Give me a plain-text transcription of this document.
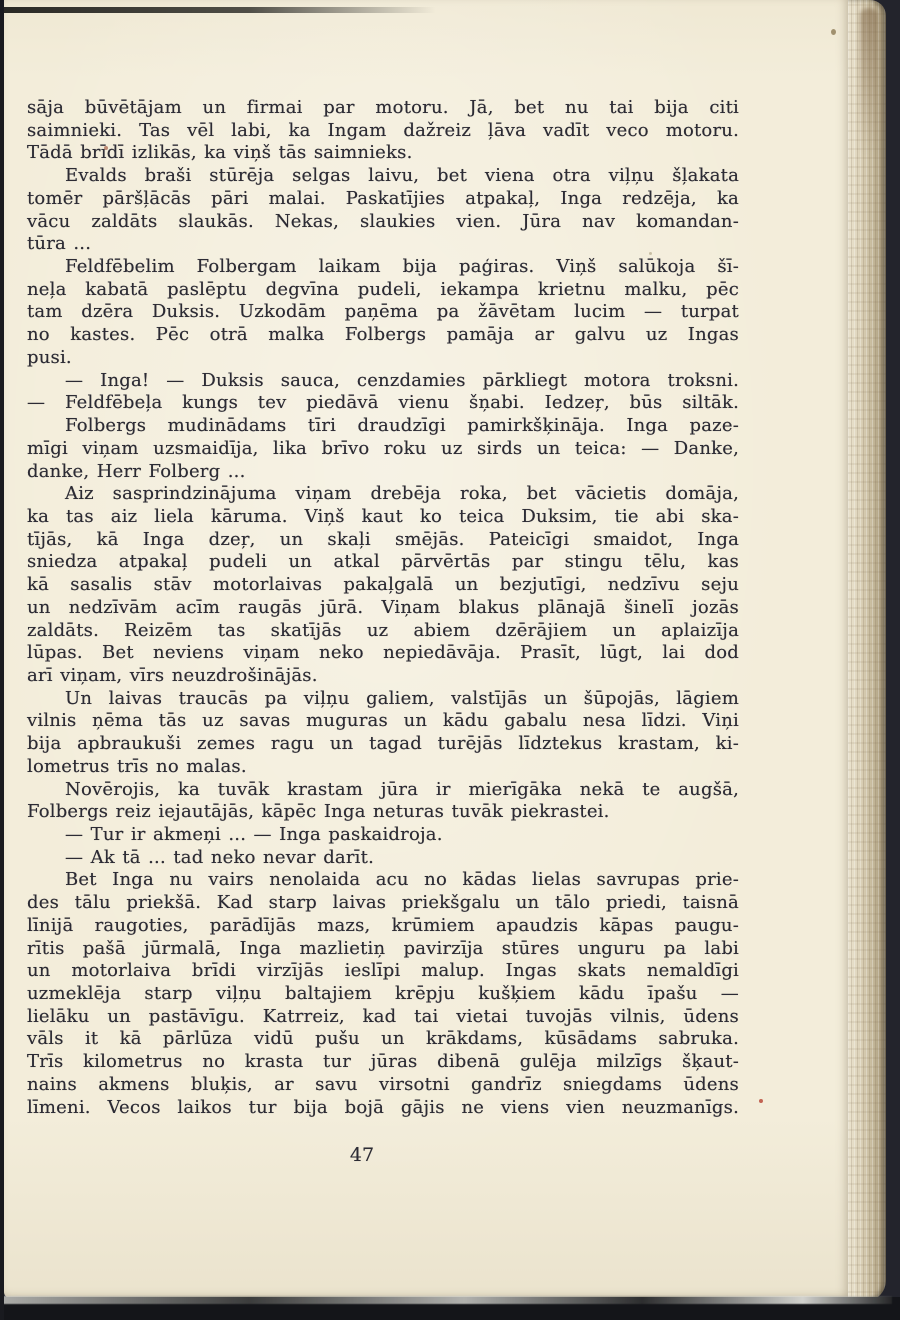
sāja būvētājam un firmai par motoru. Jā, bet nu tai bija citi
saimnieki. Tas vēl labi, ka Ingam dažreiz ļāva vadīt veco motoru.
Tādā brīdī izlikās, ka viņš tās saimnieks.
Evalds braši stūrēja selgas laivu, bet viena otra viļņu šļakata
tomēr pāršļācās pāri malai. Paskatījies atpakaļ, Inga redzēja, ka
vācu zaldāts slaukās. Nekas, slaukies vien. Jūra nav komandan-
tūra ...
Feldfēbelim Folbergam laikam bija paģiras. Viņš salūkoja šī-
neļa kabatā paslēptu degvīna pudeli, iekampa krietnu malku, pēc
tam dzēra Duksis. Uzkodām paņēma pa žāvētam lucim — turpat
no kastes. Pēc otrā malka Folbergs pamāja ar galvu uz Ingas
pusi.
— Inga! — Duksis sauca, cenzdamies pārkliegt motora troksni.
— Feldfēbeļa kungs tev piedāvā vienu šņabi. Iedzeŗ, būs siltāk.
Folbergs mudinādams tīri draudzīgi pamirkšķināja. Inga paze-
mīgi viņam uzsmaidīja, lika brīvo roku uz sirds un teica: — Danke,
danke, Herr Folberg ...
Aiz sasprindzinājuma viņam drebēja roka, bet vācietis domāja,
ka tas aiz liela kāruma. Viņš kaut ko teica Duksim, tie abi ska-
tījās, kā Inga dzeŗ, un skaļi smējās. Pateicīgi smaidot, Inga
sniedza atpakaļ pudeli un atkal pārvērtās par stingu tēlu, kas
kā sasalis stāv motorlaivas pakaļgalā un bezjutīgi, nedzīvu seju
un nedzīvām acīm raugās jūrā. Viņam blakus plānajā šinelī jozās
zaldāts. Reizēm tas skatījās uz abiem dzērājiem un aplaizīja
lūpas. Bet neviens viņam neko nepiedāvāja. Prasīt, lūgt, lai dod
arī viņam, vīrs neuzdrošinājās.
Un laivas traucās pa viļņu galiem, valstījās un šūpojās, lāgiem
vilnis ņēma tās uz savas muguras un kādu gabalu nesa līdzi. Viņi
bija apbraukuši zemes ragu un tagad turējās līdztekus krastam, ki-
lometrus trīs no malas.
Novērojis, ka tuvāk krastam jūra ir mierīgāka nekā te augšā,
Folbergs reiz iejautājās, kāpēc Inga neturas tuvāk piekrastei.
— Tur ir akmeņi ... — Inga paskaidroja.
— Ak tā ... tad neko nevar darīt.
Bet Inga nu vairs nenolaida acu no kādas lielas savrupas prie-
des tālu priekšā. Kad starp laivas priekšgalu un tālo priedi, taisnā
līnijā raugoties, parādījās mazs, krūmiem apaudzis kāpas paugu-
rītis pašā jūrmalā, Inga mazlietiņ pavirzīja stūres unguru pa labi
un motorlaiva brīdi virzījās ieslīpi malup. Ingas skats nemaldīgi
uzmeklēja starp viļņu baltajiem krēpju kušķiem kādu īpašu —
lielāku un pastāvīgu. Katrreiz, kad tai vietai tuvojās vilnis, ūdens
vāls it kā pārlūza vidū pušu un krākdams, kūsādams sabruka.
Trīs kilometrus no krasta tur jūras dibenā gulēja milzīgs šķaut-
nains akmens bluķis, ar savu virsotni gandrīz sniegdams ūdens
līmeni. Vecos laikos tur bija bojā gājis ne viens vien neuzmanīgs.
47
